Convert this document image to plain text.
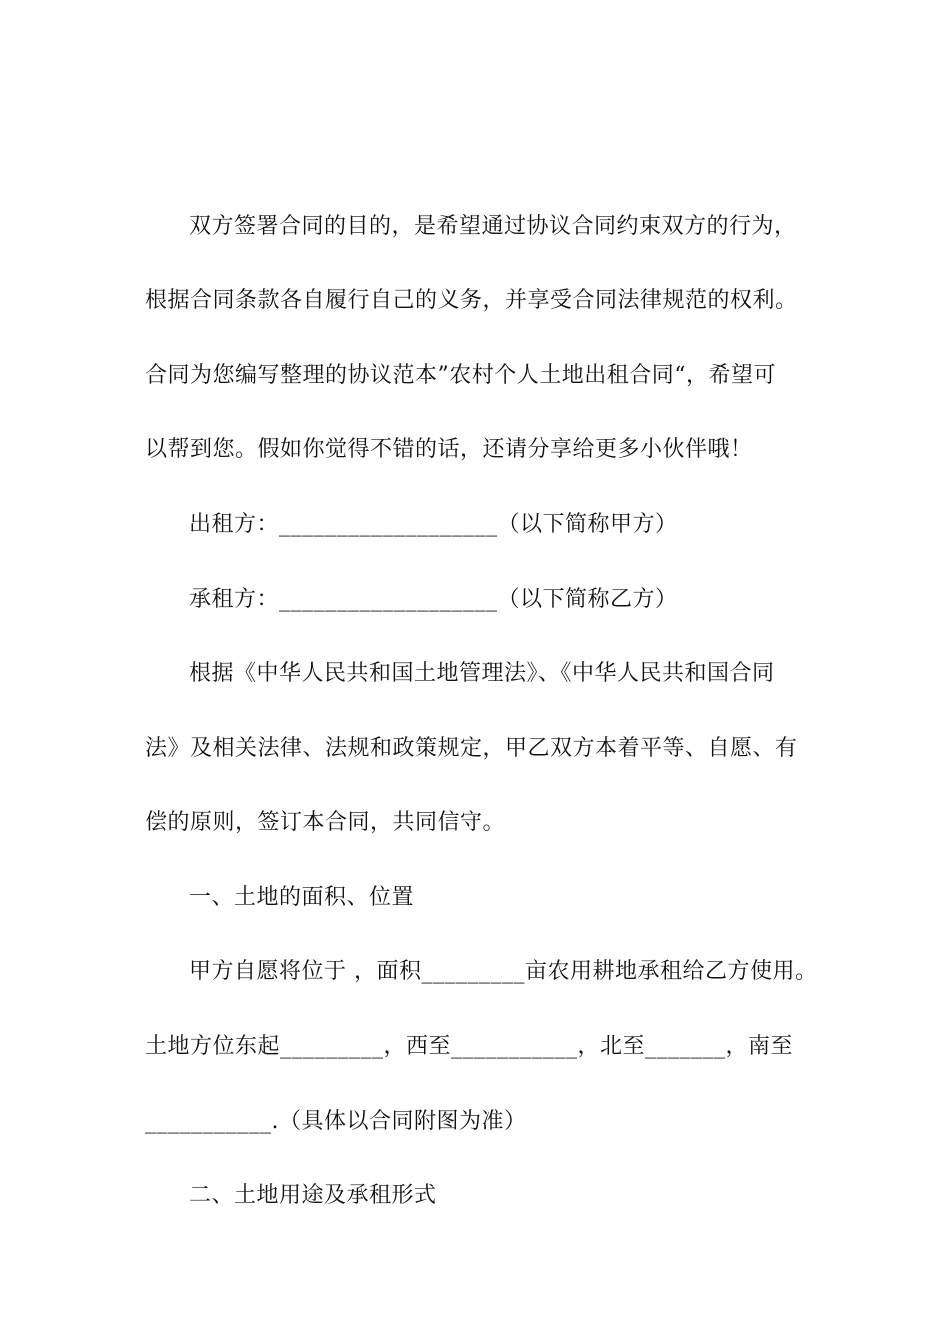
双方签署合同的目的，是希望通过协议合同约束双方的行为，
根据合同条款各自履行自己的义务，并享受合同法律规范的权利。
合同为您编写整理的协议范本”农村个人土地出租合同“，希望可
以帮到您。假如你觉得不错的话，还请分享给更多小伙伴哦！
出租方：___________________（以下简称甲方）
承租方：___________________（以下简称乙方）
根据《中华人民共和国土地管理法》、《中华人民共和国合同
法》及相关法律、法规和政策规定，甲乙双方本着平等、自愿、有
偿的原则，签订本合同，共同信守。
一、土地的面积、位置
甲方自愿将位于 ，面积_________亩农用耕地承租给乙方使用。
土地方位东起_________，西至___________，北至_______，南至
___________.（具体以合同附图为准）
二、土地用途及承租形式
